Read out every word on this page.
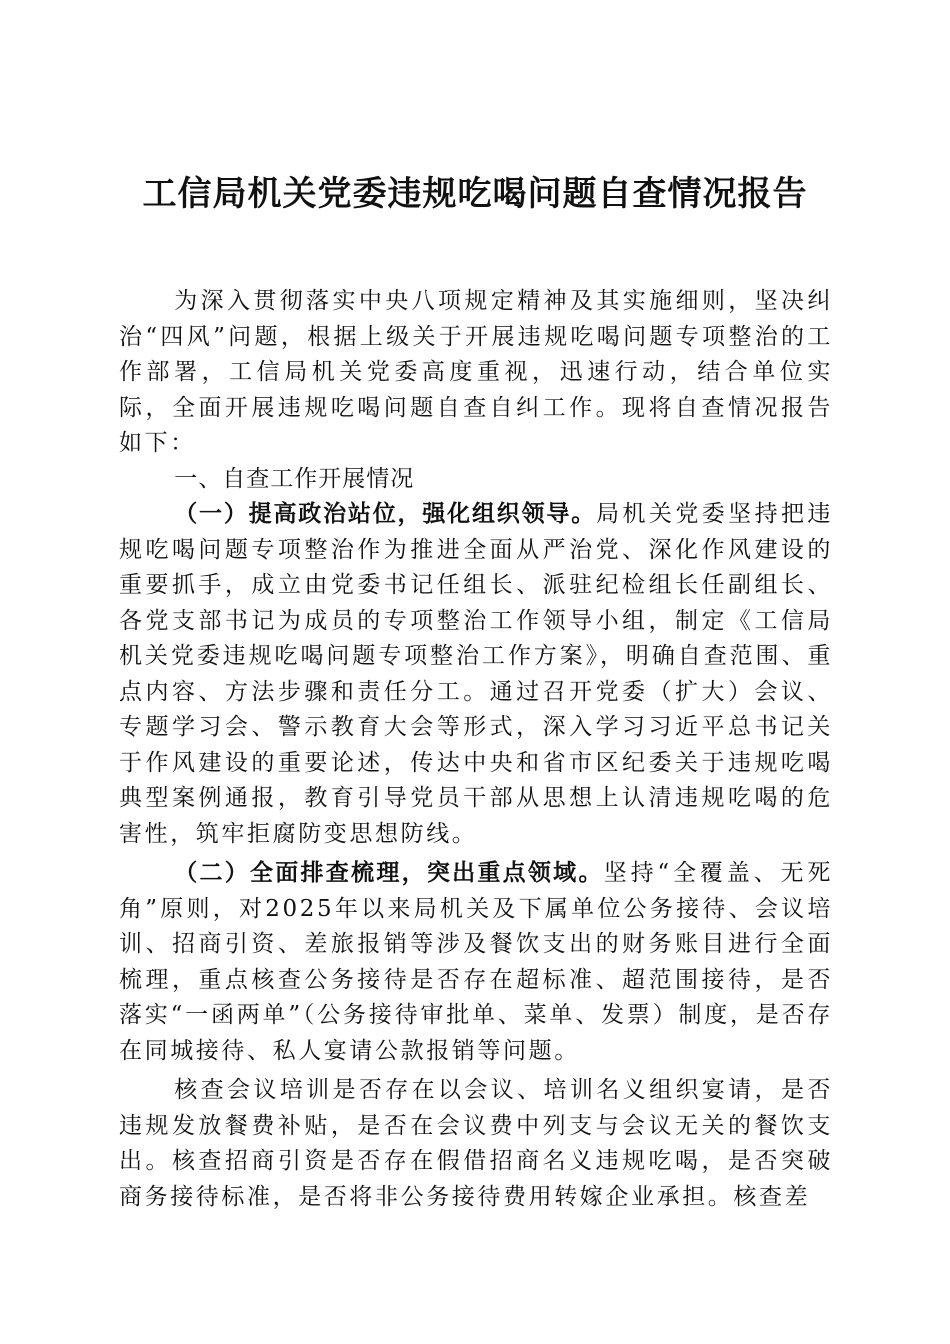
工信局机关党委违规吃喝问题自查情况报告

为深入贯彻落实中央八项规定精神及其实施细则，坚决纠治“四风”问题，根据上级关于开展违规吃喝问题专项整治的工作部署，工信局机关党委高度重视，迅速行动，结合单位实际，全面开展违规吃喝问题自查自纠工作。现将自查情况报告如下：

一、自查工作开展情况

（一）提高政治站位，强化组织领导。局机关党委坚持把违规吃喝问题专项整治作为推进全面从严治党、深化作风建设的重要抓手，成立由党委书记任组长、派驻纪检组长任副组长、各党支部书记为成员的专项整治工作领导小组，制定《工信局机关党委违规吃喝问题专项整治工作方案》，明确自查范围、重点内容、方法步骤和责任分工。通过召开党委（扩大）会议、专题学习会、警示教育大会等形式，深入学习习近平总书记关于作风建设的重要论述，传达中央和省市区纪委关于违规吃喝典型案例通报，教育引导党员干部从思想上认清违规吃喝的危害性，筑牢拒腐防变思想防线。

（二）全面排查梳理，突出重点领域。坚持“全覆盖、无死角”原则，对2025年以来局机关及下属单位公务接待、会议培训、招商引资、差旅报销等涉及餐饮支出的财务账目进行全面梳理，重点核查公务接待是否存在超标准、超范围接待，是否落实“一函两单”（公务接待审批单、菜单、发票）制度，是否存在同城接待、私人宴请公款报销等问题。

核查会议培训是否存在以会议、培训名义组织宴请，是否违规发放餐费补贴，是否在会议费中列支与会议无关的餐饮支出。核查招商引资是否存在假借招商名义违规吃喝，是否突破商务接待标准，是否将非公务接待费用转嫁企业承担。核查差
